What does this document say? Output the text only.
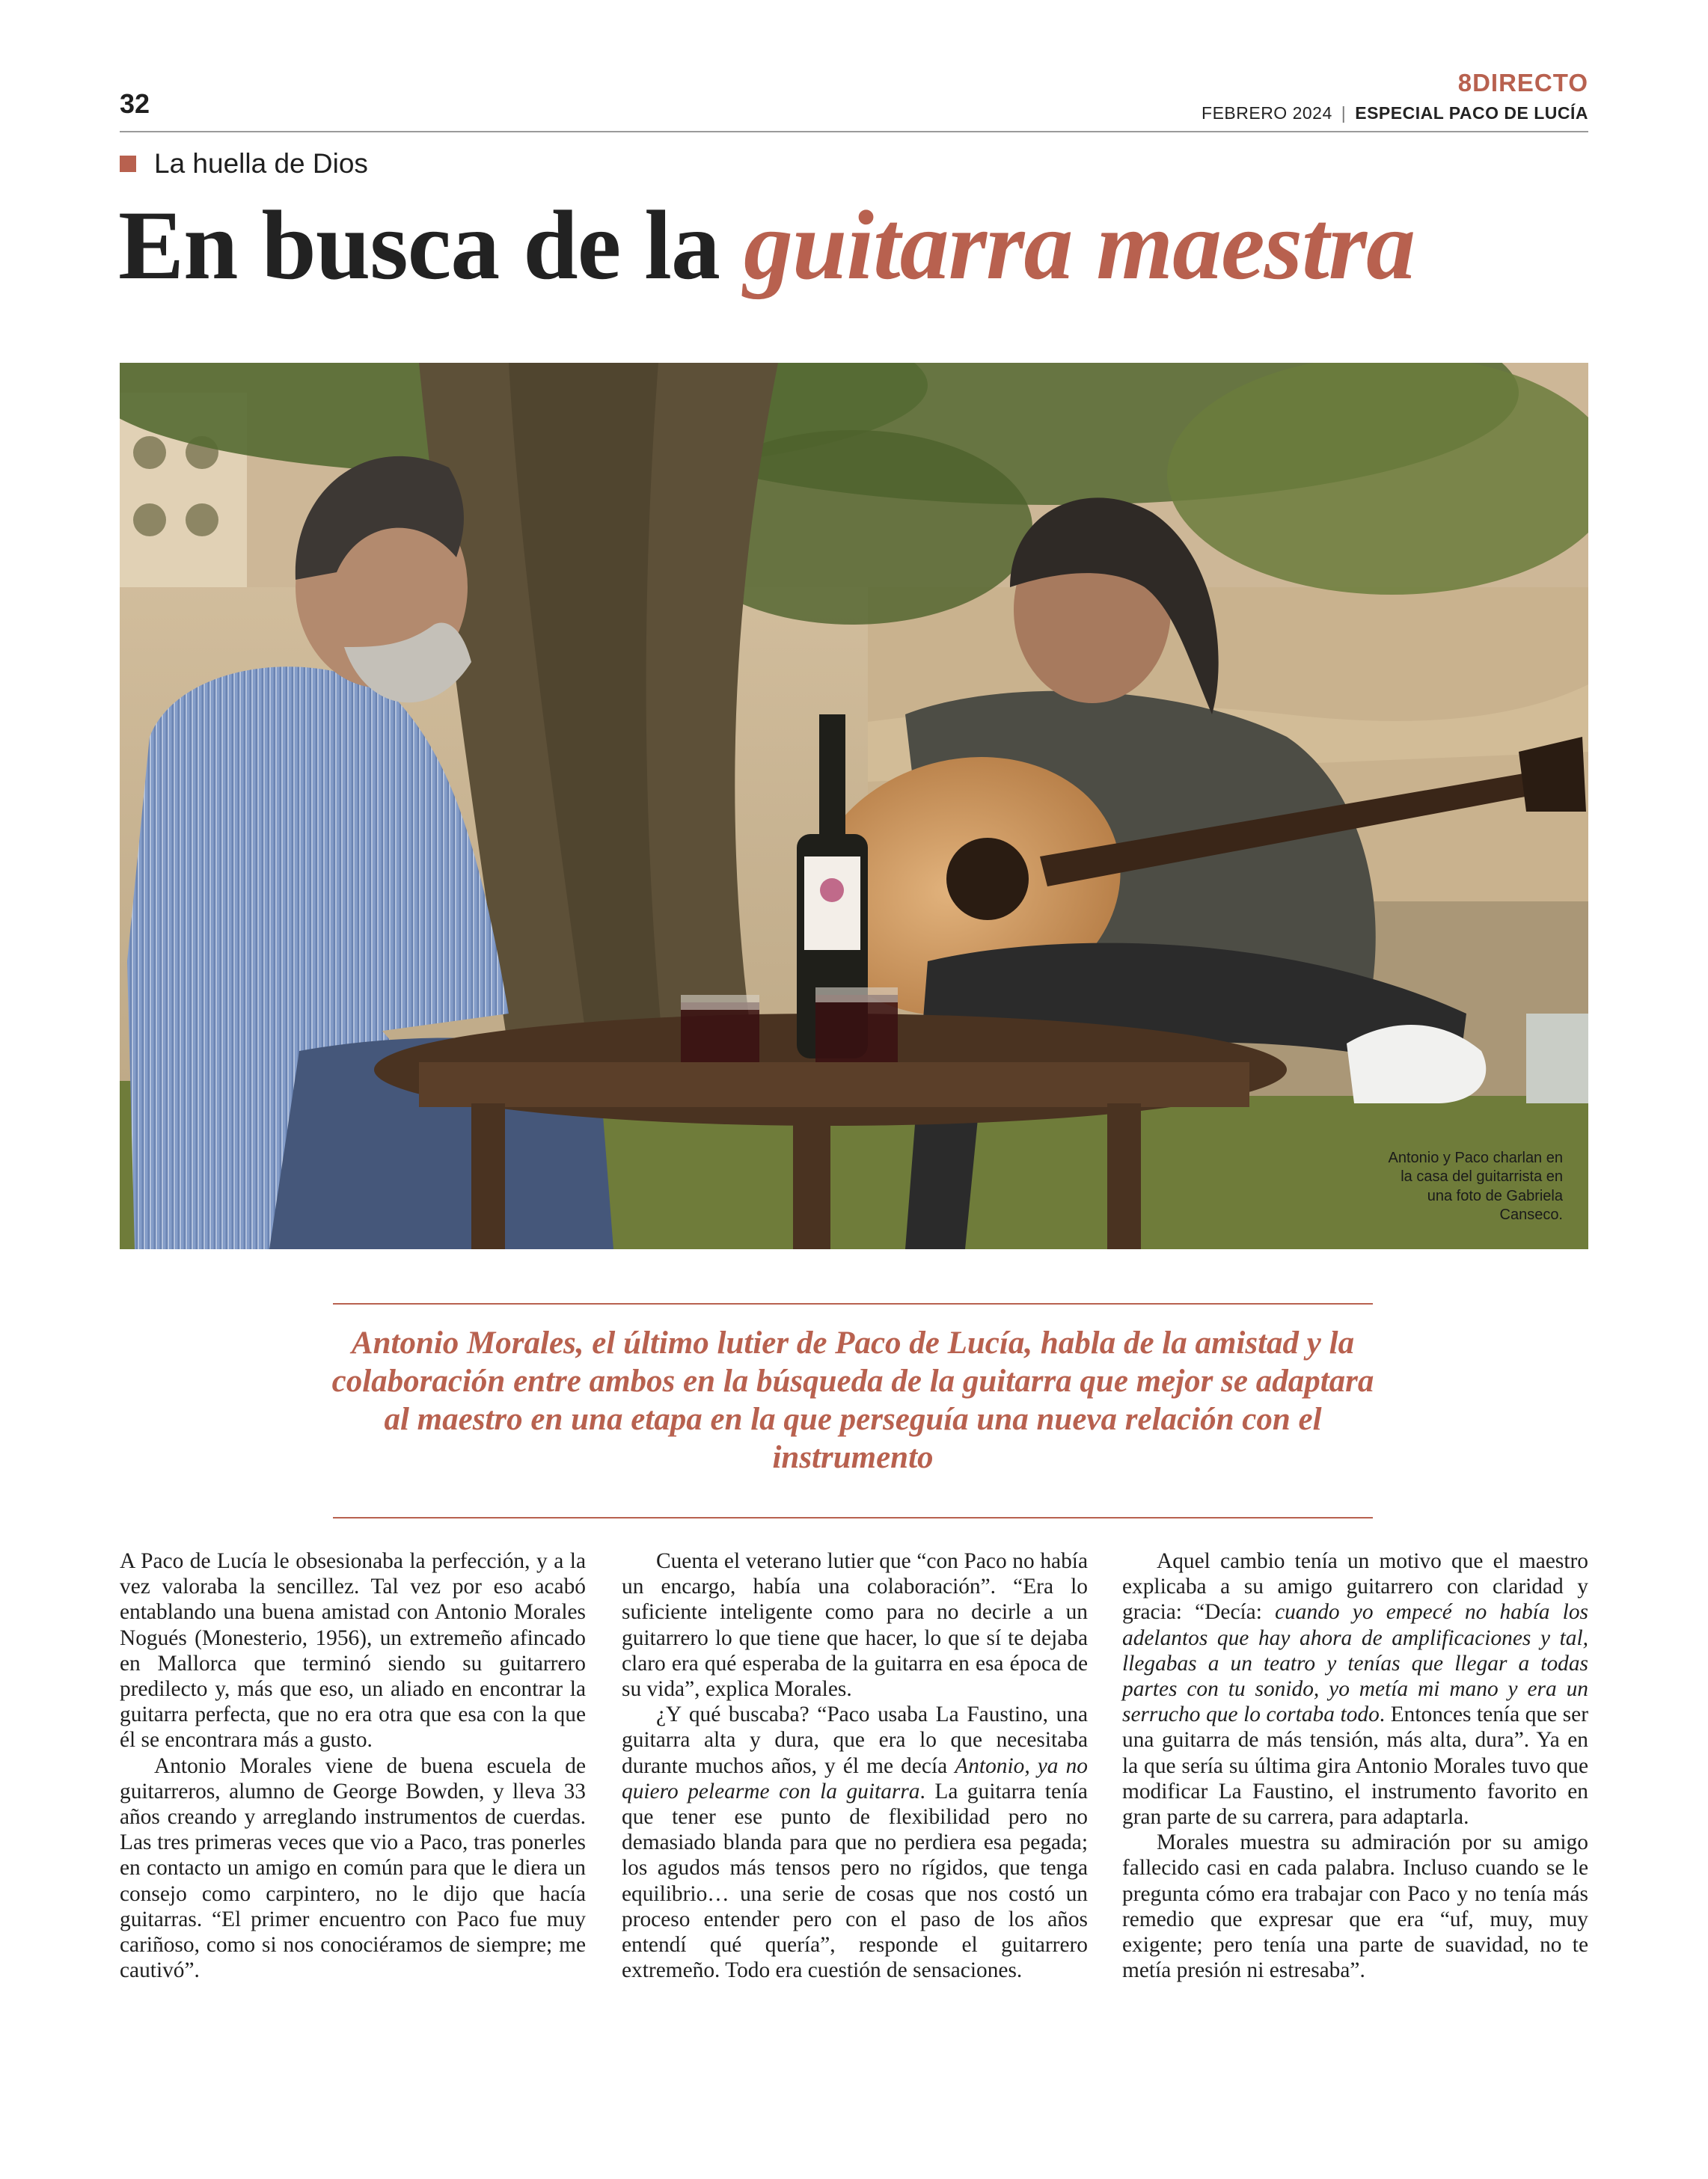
32
8DIRECTO
FEBRERO 2024 | ESPECIAL PACO DE LUCÍA
La huella de Dios
En busca de la guitarra maestra
Antonio y Paco charlan en la casa del guitarrista en una foto de Gabriela Canseco.

Antonio Morales, el último lutier de Paco de Lucía, habla de la amistad y la colaboración entre ambos en la búsqueda de la guitarra que mejor se adaptara al maestro en una etapa en la que perseguía una nueva relación con el instrumento

A Paco de Lucía le obsesionaba la perfección, y a la vez valoraba la sencillez. Tal vez por eso acabó entablando una buena amistad con Antonio Morales Nogués (Monesterio, 1956), un extremeño afincado en Mallorca que terminó siendo su guitarrero predilecto y, más que eso, un aliado en encontrar la guitarra perfecta, que no era otra que esa con la que él se encontrara más a gusto.

Antonio Morales viene de buena escuela de guitarreros, alumno de George Bowden, y lleva 33 años creando y arreglando instrumentos de cuerdas. Las tres primeras veces que vio a Paco, tras ponerles en contacto un amigo en común para que le diera un consejo como carpintero, no le dijo que hacía guitarras. “El primer encuentro con Paco fue muy cariñoso, como si nos conociéramos de siempre; me cautivó”.

Cuenta el veterano lutier que “con Paco no había un encargo, había una colaboración”. “Era lo suficiente inteligente como para no decirle a un guitarrero lo que tiene que hacer, lo que sí te dejaba claro era qué esperaba de la guitarra en esa época de su vida”, explica Morales.

¿Y qué buscaba? “Paco usaba La Faustino, una guitarra alta y dura, que era lo que necesitaba durante muchos años, y él me decía Antonio, ya no quiero pelearme con la guitarra. La guitarra tenía que tener ese punto de flexibilidad pero no demasiado blanda para que no perdiera esa pegada; los agudos más tensos pero no rígidos, que tenga equilibrio… una serie de cosas que nos costó un proceso entender pero con el paso de los años entendí qué quería”, responde el guitarrero extremeño. Todo era cuestión de sensaciones.

Aquel cambio tenía un motivo que el maestro explicaba a su amigo guitarrero con claridad y gracia: “Decía: cuando yo empecé no había los adelantos que hay ahora de amplificaciones y tal, llegabas a un teatro y tenías que llegar a todas partes con tu sonido, yo metía mi mano y era un serrucho que lo cortaba todo. Entonces tenía que ser una guitarra de más tensión, más alta, dura”. Ya en la que sería su última gira Antonio Morales tuvo que modificar La Faustino, el instrumento favorito en gran parte de su carrera, para adaptarla.

Morales muestra su admiración por su amigo fallecido casi en cada palabra. Incluso cuando se le pregunta cómo era trabajar con Paco y no tenía más remedio que expresar que era “uf, muy, muy exigente; pero tenía una parte de suavidad, no te metía presión ni estresaba”.
